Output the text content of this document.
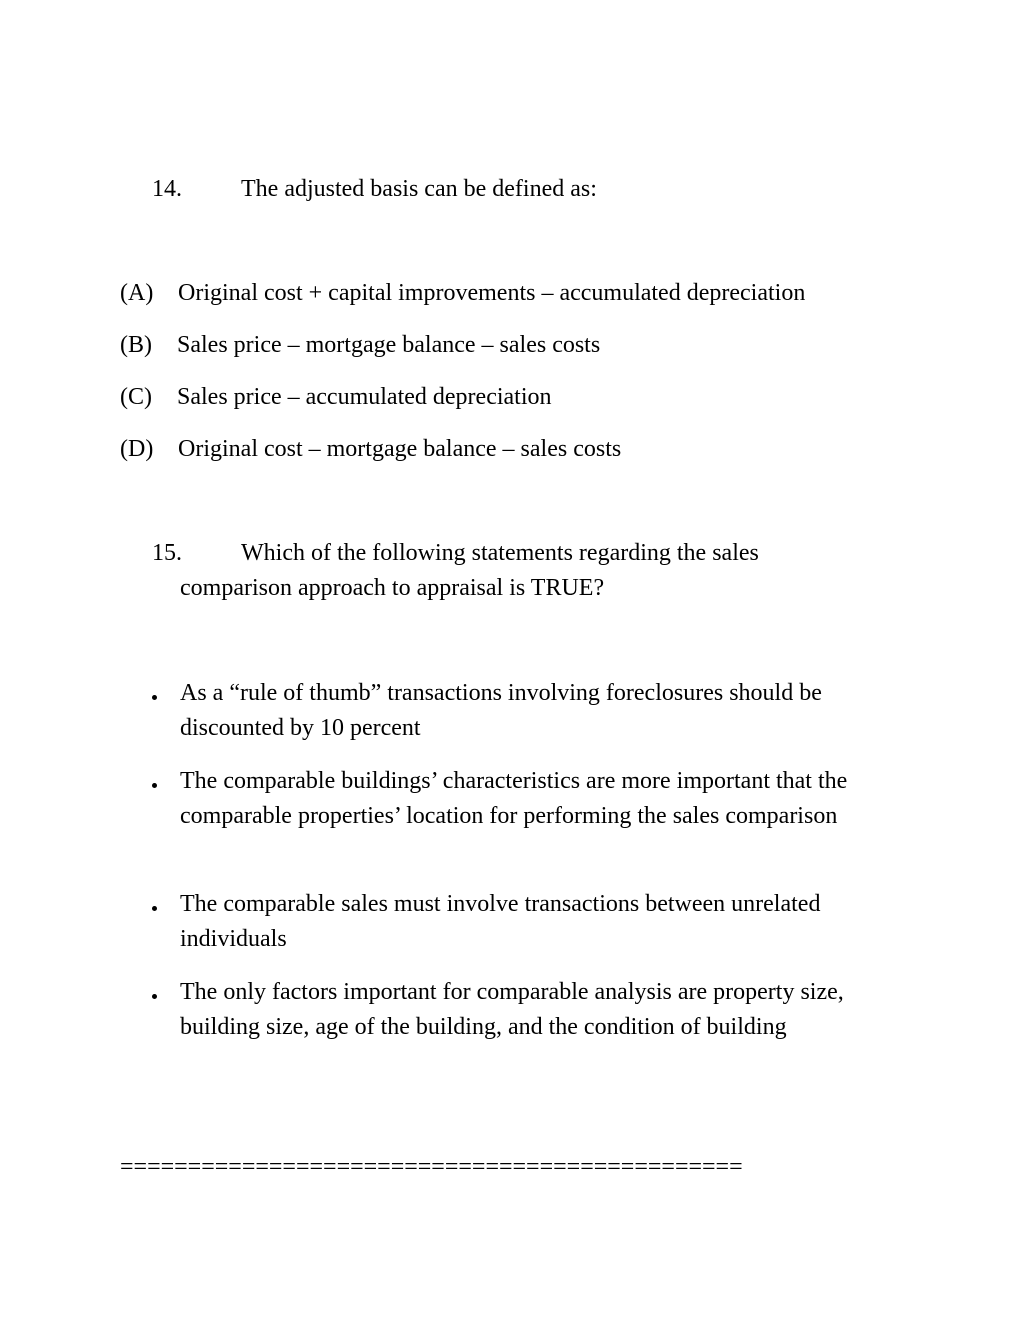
14. The adjusted basis can be defined as:
(A) Original cost + capital improvements – accumulated depreciation
(B) Sales price – mortgage balance – sales costs
(C) Sales price – accumulated depreciation
(D) Original cost – mortgage balance – sales costs
15. Which of the following statements regarding the sales
comparison approach to appraisal is TRUE?
As a “rule of thumb” transactions involving foreclosures should be discounted by 10 percent
The comparable buildings’ characteristics are more important that the comparable properties’ location for performing the sales comparison
The comparable sales must involve transactions between unrelated individuals
The only factors important for comparable analysis are property size, building size, age of the building, and the condition of building
==============================================
